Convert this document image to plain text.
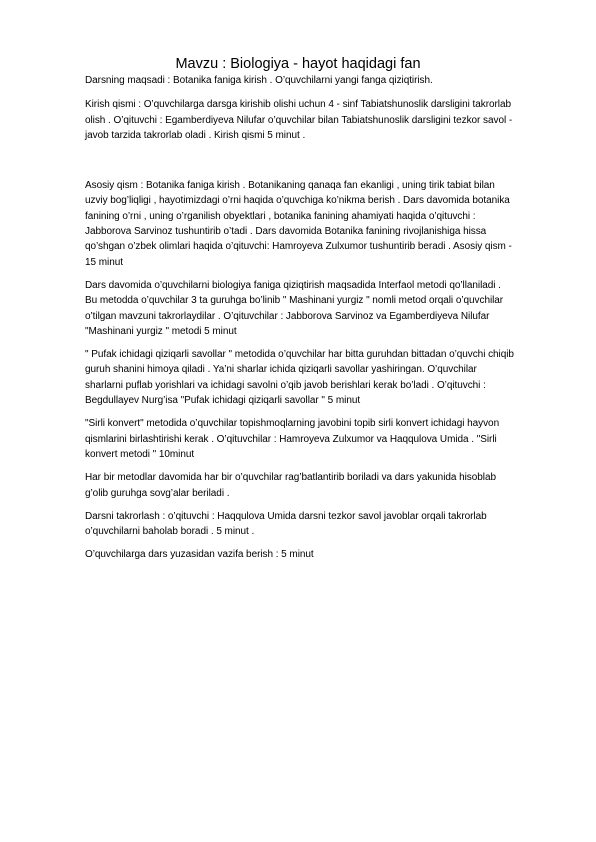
Mavzu : Biologiya - hayot haqidagi fan

Darsning maqsadi : Botanika faniga kirish . O’quvchilarni yangi fanga qiziqtirish.

Kirish qismi : O’quvchilarga darsga kirishib olishi uchun 4 - sinf Tabiatshunoslik darsligini takrorlab olish . O’qituvchi : Egamberdiyeva Nilufar o’quvchilar bilan Tabiatshunoslik darsligini tezkor savol - javob tarzida takrorlab oladi . Kirish qismi 5 minut .

Asosiy qism : Botanika faniga kirish . Botanikaning qanaqa fan ekanligi , uning tirik tabiat bilan uzviy bog’liqligi , hayotimizdagi o’rni haqida o’quvchiga ko’nikma berish . Dars davomida botanika fanining o’rni , uning o’rganilish obyektlari , botanika fanining ahamiyati haqida o’qituvchi : Jabborova Sarvinoz tushuntirib o’tadi . Dars davomida Botanika fanining rivojlanishiga hissa qo’shgan o’zbek olimlari haqida o’qituvchi: Hamroyeva Zulxumor tushuntirib beradi . Asosiy qism - 15 minut

Dars davomida o’quvchilarni biologiya faniga qiziqtirish maqsadida Interfaol metodi qo’llaniladi . Bu metodda o’quvchilar 3 ta guruhga bo’linib " Mashinani yurgiz " nomli metod orqali o’quvchilar o’tilgan mavzuni takrorlaydilar . O’qituvchilar : Jabborova Sarvinoz va Egamberdiyeva Nilufar "Mashinani yurgiz " metodi 5 minut

" Pufak ichidagi qiziqarli savollar " metodida o’quvchilar har bitta guruhdan bittadan o’quvchi chiqib guruh shanini himoya qiladi . Ya’ni sharlar ichida qiziqarli savollar yashiringan. O’quvchilar sharlarni puflab yorishlari va ichidagi savolni o’qib javob berishlari kerak bo’ladi . O’qituvchi : Begdullayev Nurg’isa "Pufak ichidagi qiziqarli savollar " 5 minut

"Sirli konvert" metodida o’quvchilar topishmoqlarning javobini topib sirli konvert ichidagi hayvon qismlarini birlashtirishi kerak . O’qituvchilar : Hamroyeva Zulxumor va Haqqulova Umida . "Sirli konvert metodi " 10minut

Har bir metodlar davomida har bir o’quvchilar rag’batlantirib boriladi va dars yakunida hisoblab g’olib guruhga sovg’alar beriladi .

Darsni takrorlash : o’qituvchi : Haqqulova Umida darsni tezkor savol javoblar orqali takrorlab o’quvchilarni baholab boradi . 5 minut .

O’quvchilarga dars yuzasidan vazifa berish : 5 minut
